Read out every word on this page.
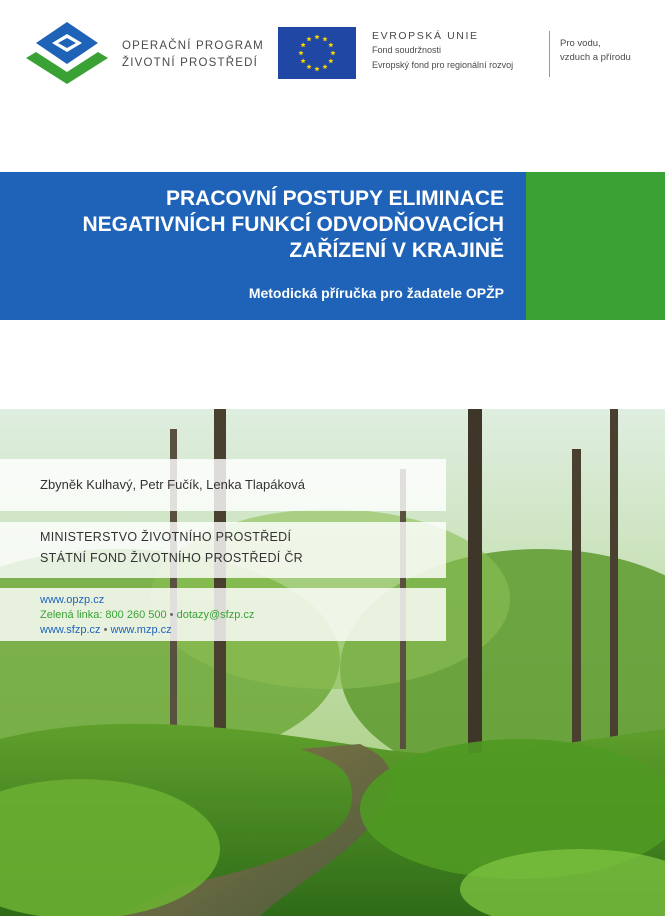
OPERAČNÍ PROGRAM
ŽIVOTNÍ PROSTŘEDÍ
EVROPSKÁ UNIE
Fond soudržnosti
Evropský fond pro regionální rozvoj
Pro vodu,
vzduch a přírodu
PRACOVNÍ POSTUPY ELIMINACE
NEGATIVNÍCH FUNKCÍ ODVODŇOVACÍCH
ZAŘÍZENÍ V KRAJINĚ
Metodická příručka pro žadatele OPŽP
Zbyněk Kulhavý, Petr Fučík, Lenka Tlapáková
MINISTERSTVO ŽIVOTNÍHO PROSTŘEDÍ
STÁTNÍ FOND ŽIVOTNÍHO PROSTŘEDÍ ČR
www.opzp.cz
Zelená linka: 800 260 500 • dotazy@sfzp.cz
www.sfzp.cz • www.mzp.cz
